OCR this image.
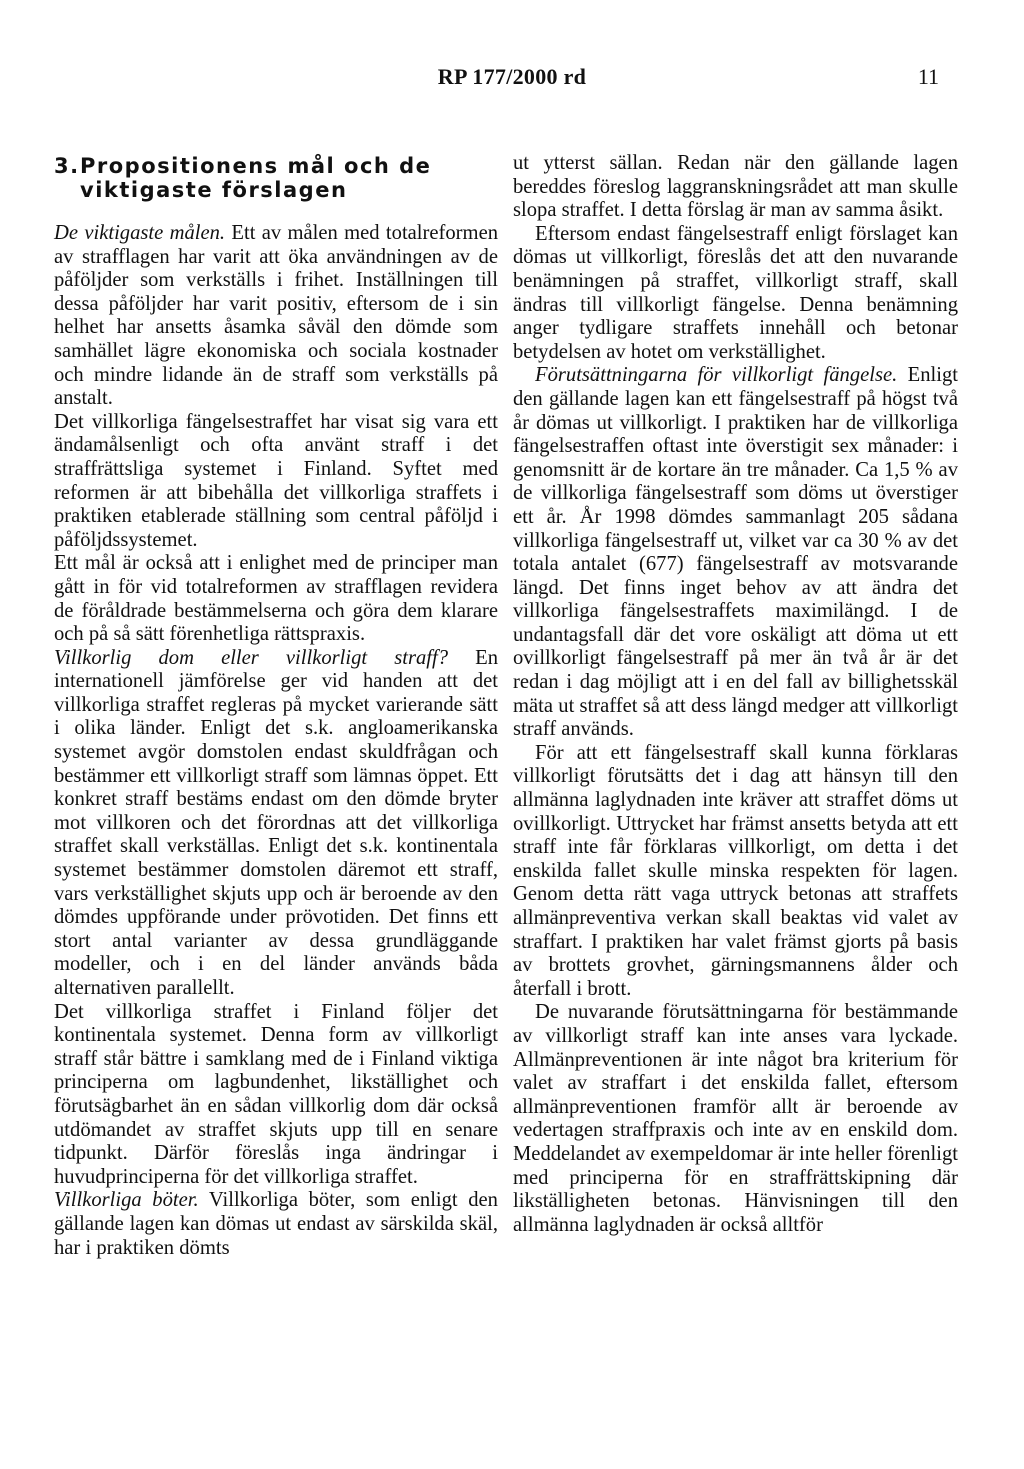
RP 177/2000 rd	11
3. Propositionens mål och de viktigaste förslagen

De viktigaste målen. Ett av målen med totalreformen av strafflagen har varit att öka användningen av de påföljder som verkställs i frihet. Inställningen till dessa påföljder har varit positiv, eftersom de i sin helhet har ansetts åsamka såväl den dömde som samhället lägre ekonomiska och sociala kostnader och mindre lidande än de straff som verkställs på anstalt.

Det villkorliga fängelsestraffet har visat sig vara ett ändamålsenligt och ofta använt straff i det straffrättsliga systemet i Finland. Syftet med reformen är att bibehålla det villkorliga straffets i praktiken etablerade ställning som central påföljd i påföljdssystemet.

Ett mål är också att i enlighet med de principer man gått in för vid totalreformen av strafflagen revidera de föråldrade bestämmelserna och göra dem klarare och på så sätt förenhetliga rättspraxis.

Villkorlig dom eller villkorligt straff? En internationell jämförelse ger vid handen att det villkorliga straffet regleras på mycket varierande sätt i olika länder. Enligt det s.k. angloamerikanska systemet avgör domstolen endast skuldfrågan och bestämmer ett villkorligt straff som lämnas öppet. Ett konkret straff bestäms endast om den dömde bryter mot villkoren och det förordnas att det villkorliga straffet skall verkställas. Enligt det s.k. kontinentala systemet bestämmer domstolen däremot ett straff, vars verkställighet skjuts upp och är beroende av den dömdes uppförande under prövotiden. Det finns ett stort antal varianter av dessa grundläggande modeller, och i en del länder används båda alternativen parallellt.

Det villkorliga straffet i Finland följer det kontinentala systemet. Denna form av villkorligt straff står bättre i samklang med de i Finland viktiga principerna om lagbundenhet, likställighet och förutsägbarhet än en sådan villkorlig dom där också utdömandet av straffet skjuts upp till en senare tidpunkt. Därför föreslås inga ändringar i huvudprinciperna för det villkorliga straffet.

Villkorliga böter. Villkorliga böter, som enligt den gällande lagen kan dömas ut endast av särskilda skäl, har i praktiken dömts

ut ytterst sällan. Redan när den gällande lagen bereddes föreslog laggranskningsrådet att man skulle slopa straffet. I detta förslag är man av samma åsikt.

Eftersom endast fängelsestraff enligt förslaget kan dömas ut villkorligt, föreslås det att den nuvarande benämningen på straffet, villkorligt straff, skall ändras till villkorligt fängelse. Denna benämning anger tydligare straffets innehåll och betonar betydelsen av hotet om verkställighet.

Förutsättningarna för villkorligt fängelse. Enligt den gällande lagen kan ett fängelsestraff på högst två år dömas ut villkorligt. I praktiken har de villkorliga fängelsestraffen oftast inte överstigit sex månader: i genomsnitt är de kortare än tre månader. Ca 1,5 % av de villkorliga fängelsestraff som döms ut överstiger ett år. År 1998 dömdes sammanlagt 205 sådana villkorliga fängelsestraff ut, vilket var ca 30 % av det totala antalet (677) fängelsestraff av motsvarande längd. Det finns inget behov av att ändra det villkorliga fängelsestraffets maximilängd. I de undantagsfall där det vore oskäligt att döma ut ett ovillkorligt fängelsestraff på mer än två år är det redan i dag möjligt att i en del fall av billighetsskäl mäta ut straffet så att dess längd medger att villkorligt straff används.

För att ett fängelsestraff skall kunna förklaras villkorligt förutsätts det i dag att hänsyn till den allmänna laglydnaden inte kräver att straffet döms ut ovillkorligt. Uttrycket har främst ansetts betyda att ett straff inte får förklaras villkorligt, om detta i det enskilda fallet skulle minska respekten för lagen. Genom detta rätt vaga uttryck betonas att straffets allmänpreventiva verkan skall beaktas vid valet av straffart. I praktiken har valet främst gjorts på basis av brottets grovhet, gärningsmannens ålder och återfall i brott.

De nuvarande förutsättningarna för bestämmande av villkorligt straff kan inte anses vara lyckade. Allmänpreventionen är inte något bra kriterium för valet av straffart i det enskilda fallet, eftersom allmänpreventionen framför allt är beroende av vedertagen straffpraxis och inte av en enskild dom. Meddelandet av exempeldomar är inte heller förenligt med principerna för en straffrättskipning där likställigheten betonas. Hänvisningen till den allmänna laglydnaden är också alltför
